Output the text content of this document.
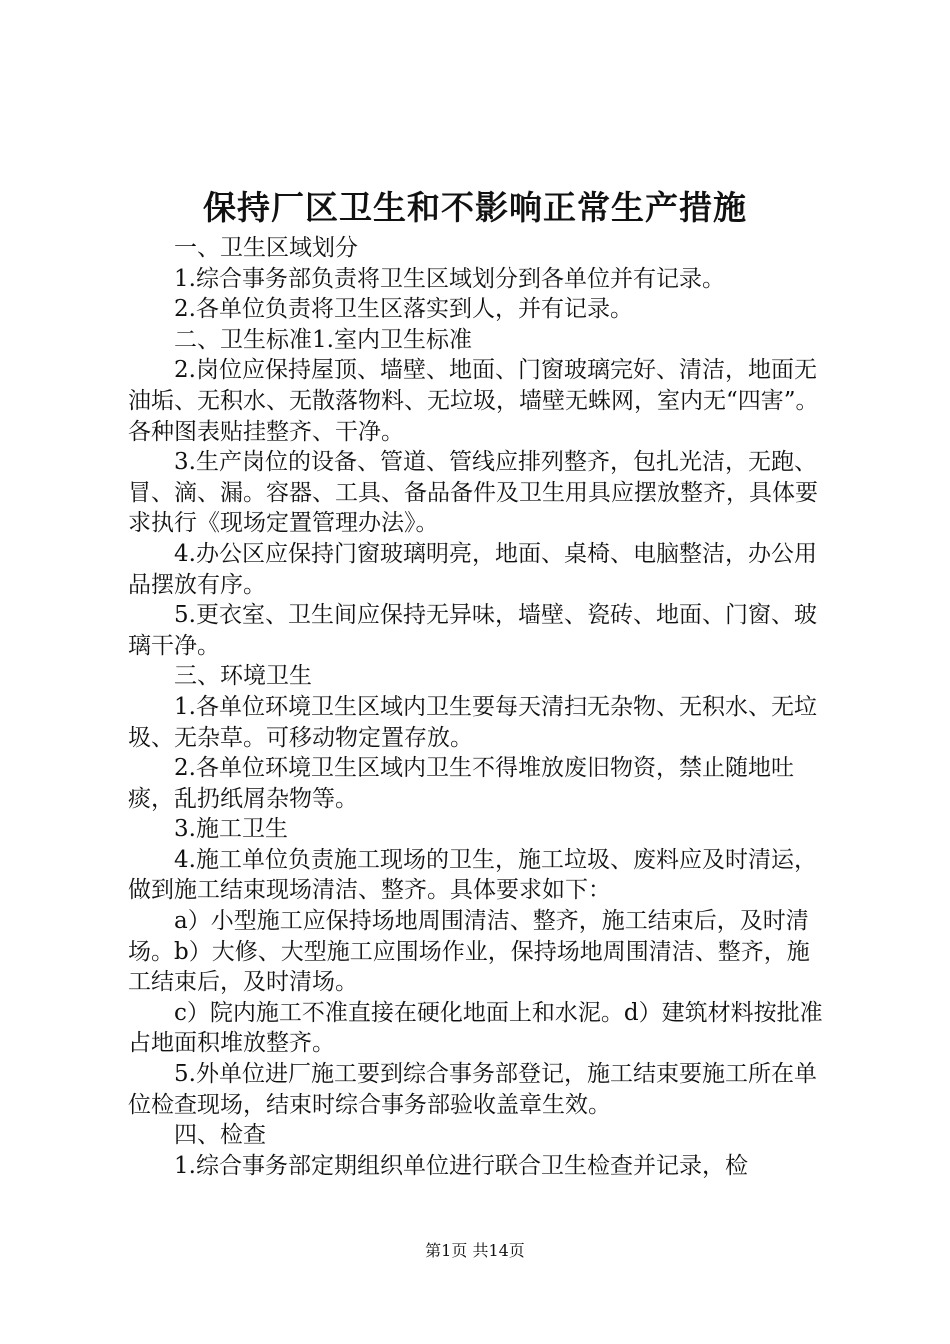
保持厂区卫生和不影响正常生产措施

一、卫生区域划分

1.综合事务部负责将卫生区域划分到各单位并有记录。

2.各单位负责将卫生区落实到人，并有记录。

二、卫生标准1.室内卫生标准

2.岗位应保持屋顶、墙壁、地面、门窗玻璃完好、清洁，地面无油垢、无积水、无散落物料、无垃圾，墙壁无蛛网，室内无“四害”。各种图表贴挂整齐、干净。

3.生产岗位的设备、管道、管线应排列整齐，包扎光洁，无跑、冒、滴、漏。容器、工具、备品备件及卫生用具应摆放整齐，具体要求执行《现场定置管理办法》。

4.办公区应保持门窗玻璃明亮，地面、桌椅、电脑整洁，办公用品摆放有序。

5.更衣室、卫生间应保持无异味，墙壁、瓷砖、地面、门窗、玻璃干净。

三、环境卫生

1.各单位环境卫生区域内卫生要每天清扫无杂物、无积水、无垃圾、无杂草。可移动物定置存放。

2.各单位环境卫生区域内卫生不得堆放废旧物资，禁止随地吐痰，乱扔纸屑杂物等。

3.施工卫生

4.施工单位负责施工现场的卫生，施工垃圾、废料应及时清运，做到施工结束现场清洁、整齐。具体要求如下：

a）小型施工应保持场地周围清洁、整齐，施工结束后，及时清场。b）大修、大型施工应围场作业，保持场地周围清洁、整齐，施工结束后，及时清场。

c）院内施工不准直接在硬化地面上和水泥。d）建筑材料按批准占地面积堆放整齐。

5.外单位进厂施工要到综合事务部登记，施工结束要施工所在单位检查现场，结束时综合事务部验收盖章生效。

四、检查

1.综合事务部定期组织单位进行联合卫生检查并记录，检

第1页 共14页
